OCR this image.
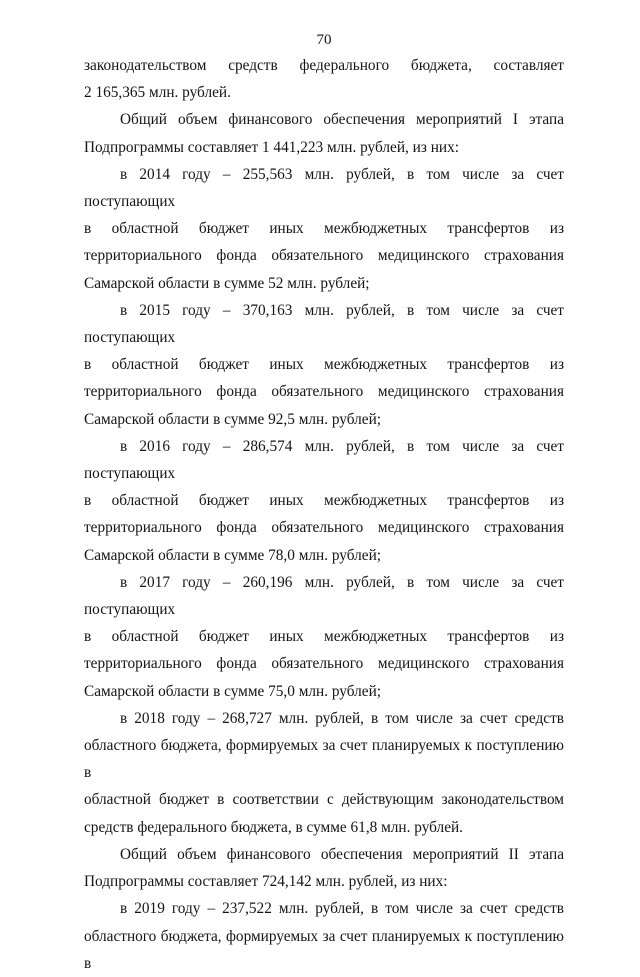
70

законодательством средств федерального бюджета, составляет
2 165,365 млн. рублей.

Общий объем финансового обеспечения мероприятий I этапа
Подпрограммы составляет 1 441,223 млн. рублей, из них:

в 2014 году – 255,563 млн. рублей, в том числе за счет поступающих
в областной бюджет иных межбюджетных трансфертов из
территориального фонда обязательного медицинского страхования
Самарской области в сумме 52 млн. рублей;

в 2015 году – 370,163 млн. рублей, в том числе за счет поступающих
в областной бюджет иных межбюджетных трансфертов из
территориального фонда обязательного медицинского страхования
Самарской области в сумме 92,5 млн. рублей;

в 2016 году – 286,574 млн. рублей, в том числе за счет поступающих
в областной бюджет иных межбюджетных трансфертов из
территориального фонда обязательного медицинского страхования
Самарской области в сумме 78,0 млн. рублей;

в 2017 году – 260,196 млн. рублей, в том числе за счет поступающих
в областной бюджет иных межбюджетных трансфертов из
территориального фонда обязательного медицинского страхования
Самарской области в сумме 75,0 млн. рублей;

в 2018 году – 268,727 млн. рублей, в том числе за счет средств
областного бюджета, формируемых за счет планируемых к поступлению в
областной бюджет в соответствии с действующим законодательством
средств федерального бюджета, в сумме 61,8 млн. рублей.

Общий объем финансового обеспечения мероприятий II этапа
Подпрограммы составляет 724,142 млн. рублей, из них:

в 2019 году – 237,522 млн. рублей, в том числе за счет средств
областного бюджета, формируемых за счет планируемых к поступлению в
